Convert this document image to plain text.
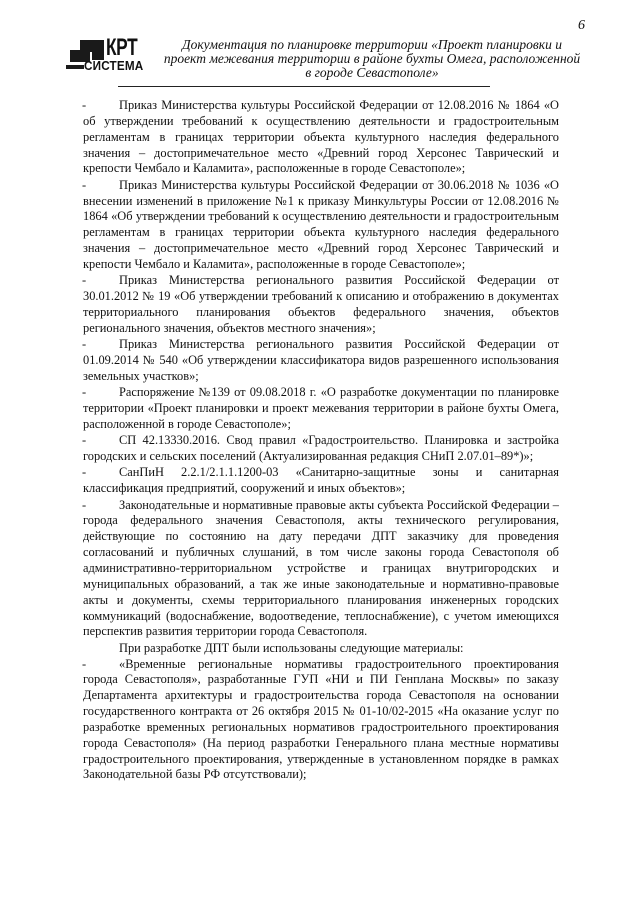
КРТ
СИСТЕМА
Документация по планировке территории «Проект планировки и проект межевания территории в районе бухты Омега, расположенной в городе Севастополе»
6
-	Приказ Министерства культуры Российской Федерации от 12.08.2016 № 1864 «О об утверждении требований к осуществлению деятельности и градостроительным регламентам в границах территории объекта культурного наследия федерального значения – достопримечательное место «Древний город Херсонес Таврический и крепости Чембало и Каламита», расположенные в городе Севастополе»;

-	Приказ Министерства культуры Российской Федерации от 30.06.2018 № 1036 «О внесении изменений в приложение №1 к приказу Минкультуры России от 12.08.2016 № 1864 «Об утверждении требований к осуществлению деятельности и градостроительным регламентам в границах территории объекта культурного наследия федерального значения – достопримечательное место «Древний город Херсонес Таврический и крепости Чембало и Каламита», расположенные в городе Севастополе»;

-	Приказ Министерства регионального развития Российской Федерации от 30.01.2012 № 19 «Об утверждении требований к описанию и отображению в документах территориального планирования объектов федерального значения, объектов регионального значения, объектов местного значения»;

-	Приказ Министерства регионального развития Российской Федерации от 01.09.2014 № 540 «Об утверждении классификатора видов разрешенного использования земельных участков»;

-	Распоряжение №139 от 09.08.2018 г. «О разработке документации по планировке территории «Проект планировки и проект межевания территории в районе бухты Омега, расположенной в городе Севастополе»;

-	СП 42.13330.2016. Свод правил «Градостроительство. Планировка и застройка городских и сельских поселений (Актуализированная редакция СНиП 2.07.01–89*)»;

-	СанПиН 2.2.1/2.1.1.1200-03 «Санитарно-защитные зоны и санитарная классификация предприятий, сооружений и иных объектов»;

-	Законодательные и нормативные правовые акты субъекта Российской Федерации – города федерального значения Севастополя, акты технического регулирования, действующие по состоянию на дату передачи ДПТ заказчику для проведения согласований и публичных слушаний, в том числе законы города Севастополя об административно-территориальном устройстве и границах внутригородских и муниципальных образований, а так же иные законодательные и нормативно-правовые акты и документы, схемы территориального планирования инженерных городских коммуникаций (водоснабжение, водоотведение, теплоснабжение), с учетом имеющихся перспектив развития территории города Севастополя.

При разработке ДПТ были использованы следующие материалы:
-	«Временные региональные нормативы градостроительного проектирования города Севастополя», разработанные ГУП «НИ и ПИ Генплана Москвы» по заказу Департамента архитектуры и градостроительства города Севастополя на основании государственного контракта от 26 октября 2015 № 01-10/02-2015 «На оказание услуг по разработке временных региональных нормативов градостроительного проектирования города Севастополя» (На период разработки Генерального плана местные нормативы градостроительного проектирования, утвержденные в установленном порядке в рамках Законодательной базы РФ отсутствовали);
